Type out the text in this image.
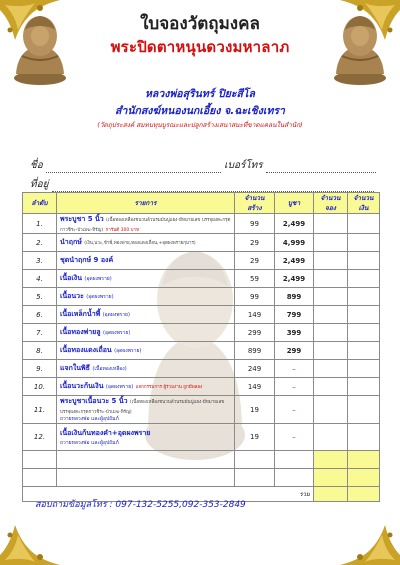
ใบจองวัตถุมงคล
พระปิดตาหนุนดวงมหาลาภ
หลวงพ่อสุรินทร์ ปิยะสีโล
สำนักสงฆ์หนองนกเอี้ยง จ.ฉะเชิงเทรา
(วัตถุประสงค์ สมทบทุนบูรณะและปลูกสร้างเสนาสนะที่ขาดแคลนในสำนัก)
ชื่อ	เบอร์โทร
ที่อยู่
ลำดับ	รายการ	จำนวนสร้าง	บูชา	จำนวนจอง	จำนวนเงิน
1.	พระบูชา 5 นิ้ว (เนื้อทองเหลืองชนวนล้วนรมมันปูแยง-มีหมายเลข บรรจุผงตะกรุดกาวชิระ-บัวเมฆ-หิรัญ) การันตี 300 บาท	99	2,499		
2.	นำฤกษ์ (เงิน,นวะ,ข้าพี่,ทองพ่าย,ทองแดงเถื่อน,+อุดผงพรายกุมาร)	29	4,999		
3.	ชุดนำฤกษ์ 9 องค์	29	2,499		
4.	เนื้อเงิน (อุดผงพราย)	59	2,499		
5.	เนื้อนวะ (อุดผงพราย)	99	899		
6.	เนื้อเหล็กน้ำพี้ (อุดผงพราย)	149	799		
7.	เนื้อทองพ่ายลู (อุดผงพราย)	299	399		
8.	เนื้อทองแดงเถื่อน (อุดผงพราย)	899	299		
9.	แจกในพิธี (เนื้อทองเหลือง)	249	–		
10.	เนื้อนวะก้นเงิน (อุดผงพราย) แจกกรรมการ ผู้ร่วมงาน ถูกมีพลอง	149	–		
11.	พระบูชาเนื้อนวะ 5 นิ้ว (เนื้อทองเหลืองชนวนล้วนรมมันปูแยง-มีหมายเลข บรรจุผงตะกรุดกาวชิระ-บัวเมฆ-หิรัญ)
ถวายหลวงพ่อ และผู้อุปถัมภ์	19	–		
12.	เนื้อเงินก้นทองคำ+อุดผงพราย
ถวายหลวงพ่อ และผู้อุปถัมภ์	19	–		

รวม					
สอบถามข้อมูลโทร : 097-132-5255,092-353-2849
